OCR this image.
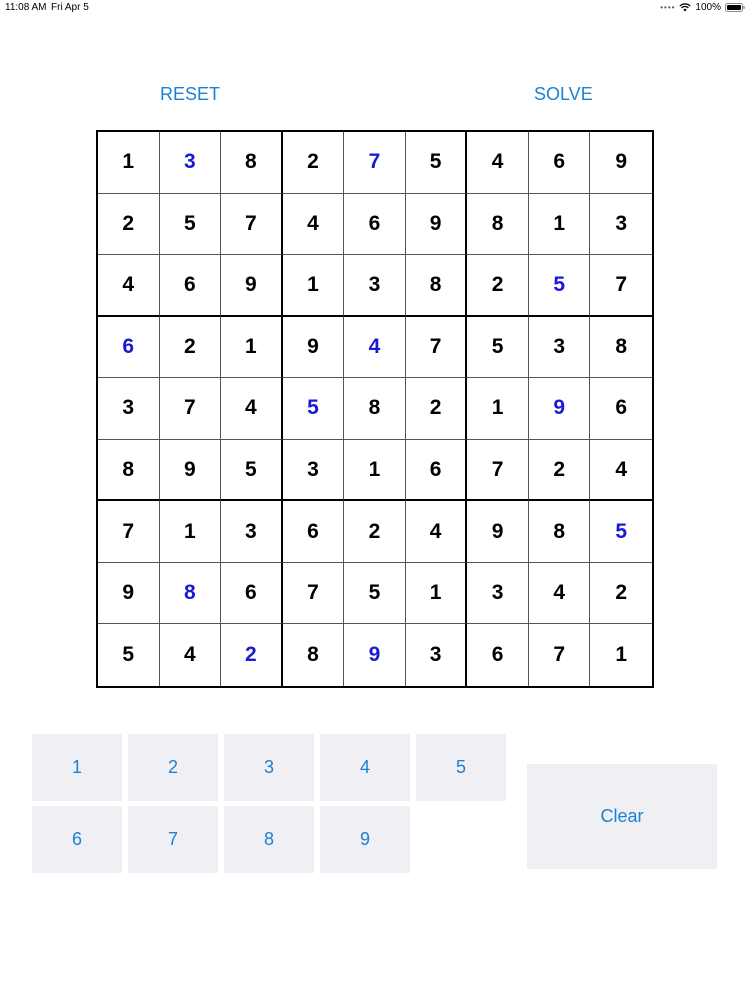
11:08 AM Fri Apr 5	•••• 100%
RESET	SOLVE
1	3	8	2	7	5	4	6	9
2	5	7	4	6	9	8	1	3
4	6	9	1	3	8	2	5	7
6	2	1	9	4	7	5	3	8
3	7	4	5	8	2	1	9	6
8	9	5	3	1	6	7	2	4
7	1	3	6	2	4	9	8	5
9	8	6	7	5	1	3	4	2
5	4	2	8	9	3	6	7	1
1	2	3	4	5
6	7	8	9
Clear
